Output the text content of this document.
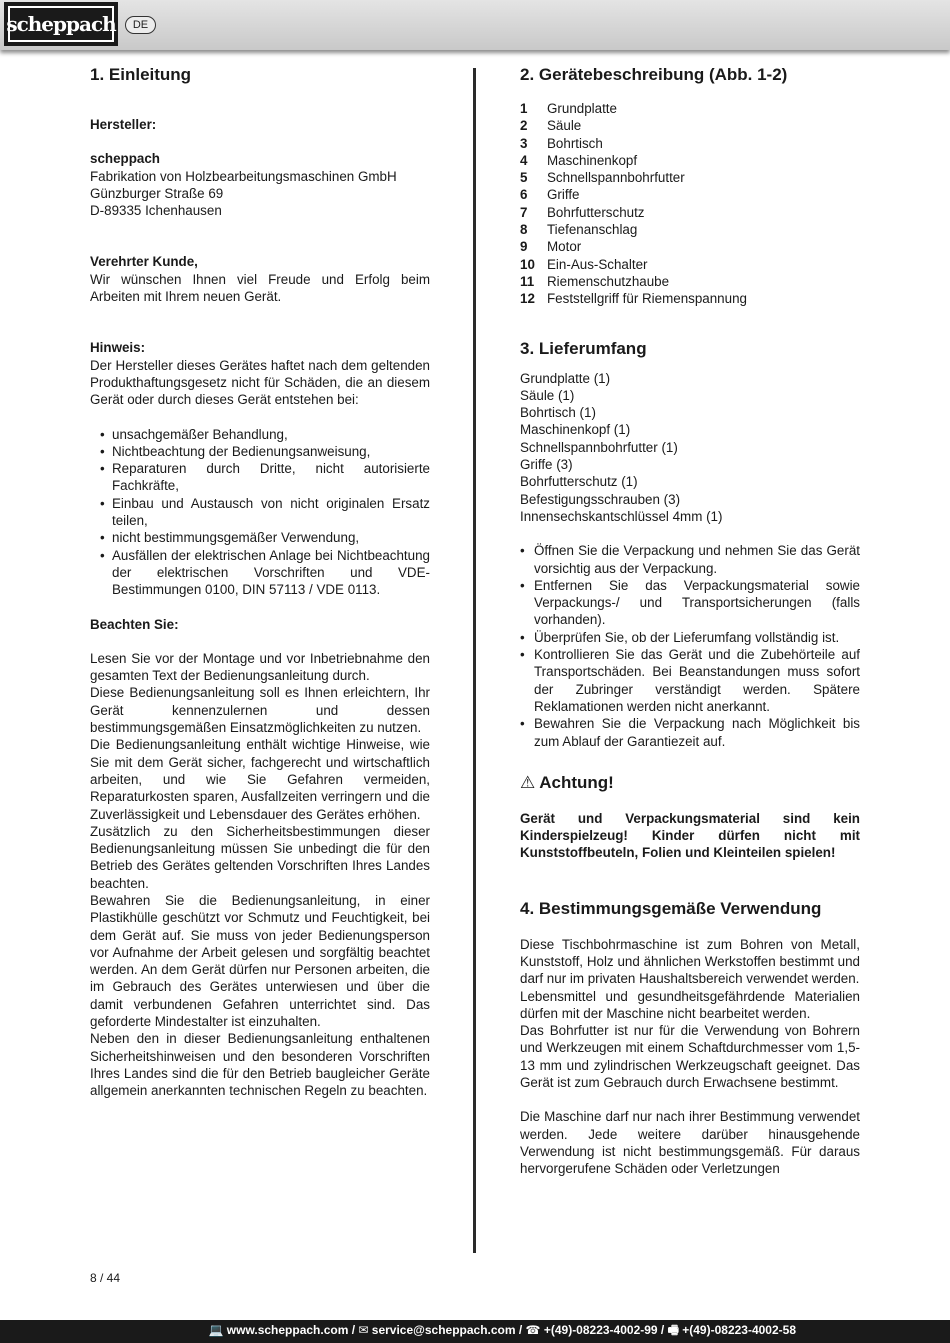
scheppach	DE
1. Einleitung
Hersteller:
scheppach
Fabrikation von Holzbearbeitungsmaschinen GmbH
Günzburger Straße 69
D-89335 Ichenhausen
Verehrter Kunde,

Wir wünschen Ihnen viel Freude und Erfolg beim Arbeiten mit Ihrem neuen Gerät.

Hinweis:

Der Hersteller dieses Gerätes haftet nach dem geltenden Produkthaftungsgesetz nicht für Schäden, die an diesem Gerät oder durch dieses Gerät entstehen bei:

• unsachgemäßer Behandlung,
• Nichtbeachtung der Bedienungsanweisung,
• Reparaturen durch Dritte, nicht autorisierte Fachkräfte,
• Einbau und Austausch von nicht originalen Ersatz teilen,
• nicht bestimmungsgemäßer Verwendung,
• Ausfällen der elektrischen Anlage bei Nichtbeachtung der elektrischen Vorschriften und VDE-Bestimmungen 0100, DIN 57113 / VDE 0113.
Beachten Sie:

Lesen Sie vor der Montage und vor Inbetriebnahme den gesamten Text der Bedienungsanleitung durch.

Diese Bedienungsanleitung soll es Ihnen erleichtern, Ihr Gerät kennenzulernen und dessen bestimmungsgemäßen Einsatzmöglichkeiten zu nutzen.

Die Bedienungsanleitung enthält wichtige Hinweise, wie Sie mit dem Gerät sicher, fachgerecht und wirtschaftlich arbeiten, und wie Sie Gefahren vermeiden, Reparaturkosten sparen, Ausfallzeiten verringern und die Zuverlässigkeit und Lebensdauer des Gerätes erhöhen.

Zusätzlich zu den Sicherheitsbestimmungen dieser Bedienungsanleitung müssen Sie unbedingt die für den Betrieb des Gerätes geltenden Vorschriften Ihres Landes beachten.

Bewahren Sie die Bedienungsanleitung, in einer Plastikhülle geschützt vor Schmutz und Feuchtigkeit, bei dem Gerät auf. Sie muss von jeder Bedienungsperson vor Aufnahme der Arbeit gelesen und sorgfältig beachtet werden. An dem Gerät dürfen nur Personen arbeiten, die im Gebrauch des Gerätes unterwiesen und über die damit verbundenen Gefahren unterrichtet sind. Das geforderte Mindestalter ist einzuhalten.

Neben den in dieser Bedienungsanleitung enthaltenen Sicherheitshinweisen und den besonderen Vorschriften Ihres Landes sind die für den Betrieb baugleicher Geräte allgemein anerkannten technischen Regeln zu beachten.

2. Gerätebeschreibung (Abb. 1-2)
1	Grundplatte
2	Säule
3	Bohrtisch
4	Maschinenkopf
5	Schnellspannbohrfutter
6	Griffe
7	Bohrfutterschutz
8	Tiefenanschlag
9	Motor
10 Ein-Aus-Schalter
11 Riemenschutzhaube
12 Feststellgriff für Riemenspannung
3. Lieferumfang
Grundplatte (1)
Säule (1)
Bohrtisch (1)
Maschinenkopf (1)
Schnellspannbohrfutter (1)
Griffe (3)
Bohrfutterschutz (1)
Befestigungsschrauben (3)
Innensechskantschlüssel 4mm (1)
• Öffnen Sie die Verpackung und nehmen Sie das Gerät vorsichtig aus der Verpackung.
• Entfernen Sie das Verpackungsmaterial sowie Verpackungs-/ und Transportsicherungen (falls vorhanden).
• Überprüfen Sie, ob der Lieferumfang vollständig ist.
• Kontrollieren Sie das Gerät und die Zubehörteile auf Transportschäden. Bei Beanstandungen muss sofort der Zubringer verständigt werden. Spätere Reklamationen werden nicht anerkannt.
• Bewahren Sie die Verpackung nach Möglichkeit bis zum Ablauf der Garantiezeit auf.
⚠ Achtung!

Gerät und Verpackungsmaterial sind kein Kinderspielzeug! Kinder dürfen nicht mit Kunststoffbeuteln, Folien und Kleinteilen spielen!

4. Bestimmungsgemäße Verwendung

Diese Tischbohrmaschine ist zum Bohren von Metall, Kunststoff, Holz und ähnlichen Werkstoffen bestimmt und darf nur im privaten Haushaltsbereich verwendet werden.

Lebensmittel und gesundheitsgefährdende Materialien dürfen mit der Maschine nicht bearbeitet werden.

Das Bohrfutter ist nur für die Verwendung von Bohrern und Werkzeugen mit einem Schaftdurchmesser vom 1,5-13 mm und zylindrischen Werkzeugschaft geeignet. Das Gerät ist zum Gebrauch durch Erwachsene bestimmt.

Die Maschine darf nur nach ihrer Bestimmung verwendet werden. Jede weitere darüber hinausgehende Verwendung ist nicht bestimmungsgemäß. Für daraus hervorgerufene Schäden oder Verletzungen

8 / 44
💻 www.scheppach.com / ✉ service@scheppach.com / ☎ +(49)-08223-4002-99 / 🖷 +(49)-08223-4002-58
